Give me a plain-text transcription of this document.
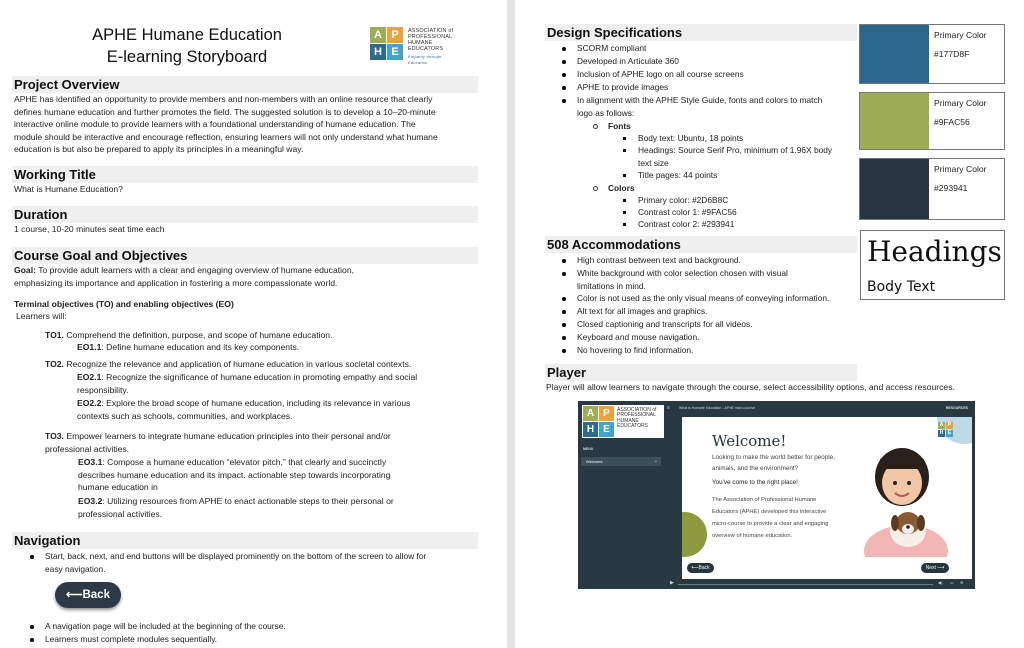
APHE Humane Education
E-learning Storyboard
A P
H E
ASSOCIATION of
PROFESSIONAL
HUMANE
EDUCATORS
Empathy through Education
Project Overview
APHE has identified an opportunity to provide members and non-members with an online resource that clearly
defines humane education and further promotes the field. The suggested solution is to develop a 10–20-minute
interactive online module to provide learners with a foundational understanding of humane education. The
module should be interactive and encourage reflection, ensuring learners will not only understand what humane
education is but also be prepared to apply its principles in a meaningful way.
Working Title
What is Humane Education?
Duration
1 course, 10-20 minutes seat time each
Course Goal and Objectives
Goal: To provide adult learners with a clear and engaging overview of humane education,
emphasizing its importance and application in fostering a more compassionate world.
Terminal objectives (TO) and enabling objectives (EO)
Learners will:
TO1. Comprehend the definition, purpose, and scope of humane education.
EO1.1: Define humane education and its key components.
TO2. Recognize the relevance and application of humane education in various societal contexts.
EO2.1: Recognize the significance of humane education in promoting empathy and social
responsibility.
EO2.2: Explore the broad scope of humane education, including its relevance in various
contexts such as schools, communities, and workplaces.
TO3. Empower learners to integrate humane education principles into their personal and/or
professional activities.
EO3.1: Compose a humane education “elevator pitch,” that clearly and succinctly
describes humane education and its impact. actionable step towards incorporating
humane education in
EO3.2: Utilizing resources from APHE to enact actionable steps to their personal or
professional activities.
Navigation
Start, back, next, and end buttons will be displayed prominently on the bottom of the screen to allow for
easy navigation.
⟵Back
A navigation page will be included at the beginning of the course.
Learners must complete modules sequentially.
Design Specifications
SCORM compliant
Developed in Articulate 360
Inclusion of APHE logo on all course screens
APHE to provide images
In alignment with the APHE Style Guide, fonts and colors to match
logo as follows:
Fonts
Body text: Ubuntu, 18 points
Headings: Source Serif Pro, minimum of 1.96X body
text size
Title pages: 44 points
Colors
Primary color: #2D6B8C
Contrast color 1: #9FAC56
Contrast color 2: #293941
Primary Color
#177D8F
Primary Color
#9FAC56
Primary Color
#293941
Headings
Body Text
508 Accommodations
High contrast between text and background.
White background with color selection chosen with visual
limitations in mind.
Color is not used as the only visual means of conveying information.
Alt text for all images and graphics.
Closed captioning and transcripts for all videos.
Keyboard and mouse navigation.
No hovering to find information.
Player
Player will allow learners to navigate through the course, select accessibility options, and access resources.
A P
H E
ASSOCIATION of
PROFESSIONAL
HUMANE
EDUCATORS
MENU
Welcome	⌄
≡	What is Humane Education - APHE micro-course	RESOURCES
A P
H E
Welcome!
Looking to make the world better for people,
animals, and the environment?
You’ve come to the right place!
The Association of Professional Humane
Educators (APHE) developed this interactive
micro-course to provide a clear and engaging
overview of humane education.
⟵Back	Next ⟶
▶	◀) ▭ ⚙
